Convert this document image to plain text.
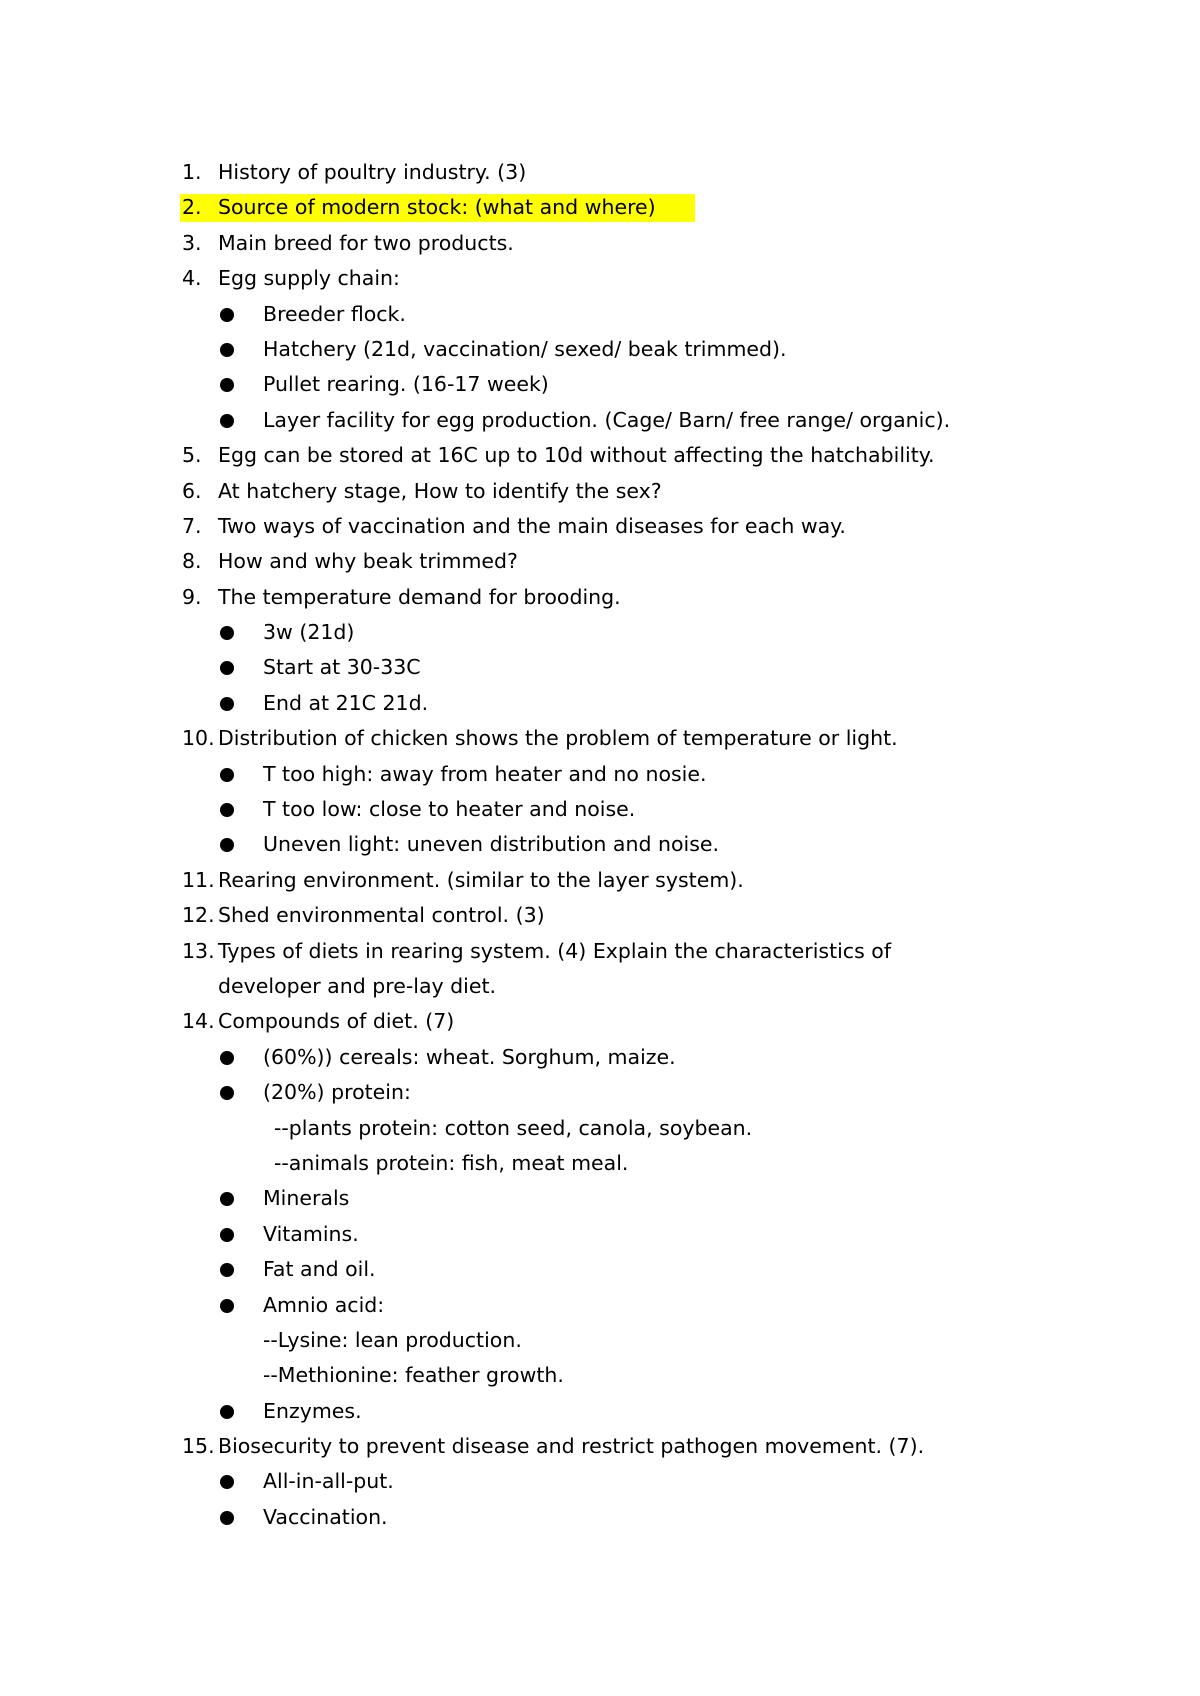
1. History of poultry industry. (3)
2. Source of modern stock: (what and where)
3. Main breed for two products.
4. Egg supply chain:
Breeder flock.
Hatchery (21d, vaccination/ sexed/ beak trimmed).
Pullet rearing. (16-17 week)
Layer facility for egg production. (Cage/ Barn/ free range/ organic).
5. Egg can be stored at 16C up to 10d without affecting the hatchability.
6. At hatchery stage, How to identify the sex?
7. Two ways of vaccination and the main diseases for each way.
8. How and why beak trimmed?
9. The temperature demand for brooding.
3w (21d)
Start at 30-33C
End at 21C 21d.
10. Distribution of chicken shows the problem of temperature or light.
T too high: away from heater and no nosie.
T too low: close to heater and noise.
Uneven light: uneven distribution and noise.
11. Rearing environment. (similar to the layer system).
12. Shed environmental control. (3)
13. Types of diets in rearing system. (4) Explain the characteristics of
developer and pre-lay diet.
14. Compounds of diet. (7)
(60%)) cereals: wheat. Sorghum, maize.
(20%) protein:
--plants protein: cotton seed, canola, soybean.
--animals protein: fish, meat meal.
Minerals
Vitamins.
Fat and oil.
Amnio acid:
--Lysine: lean production.
--Methionine: feather growth.
Enzymes.
15. Biosecurity to prevent disease and restrict pathogen movement. (7).
All-in-all-put.
Vaccination.
